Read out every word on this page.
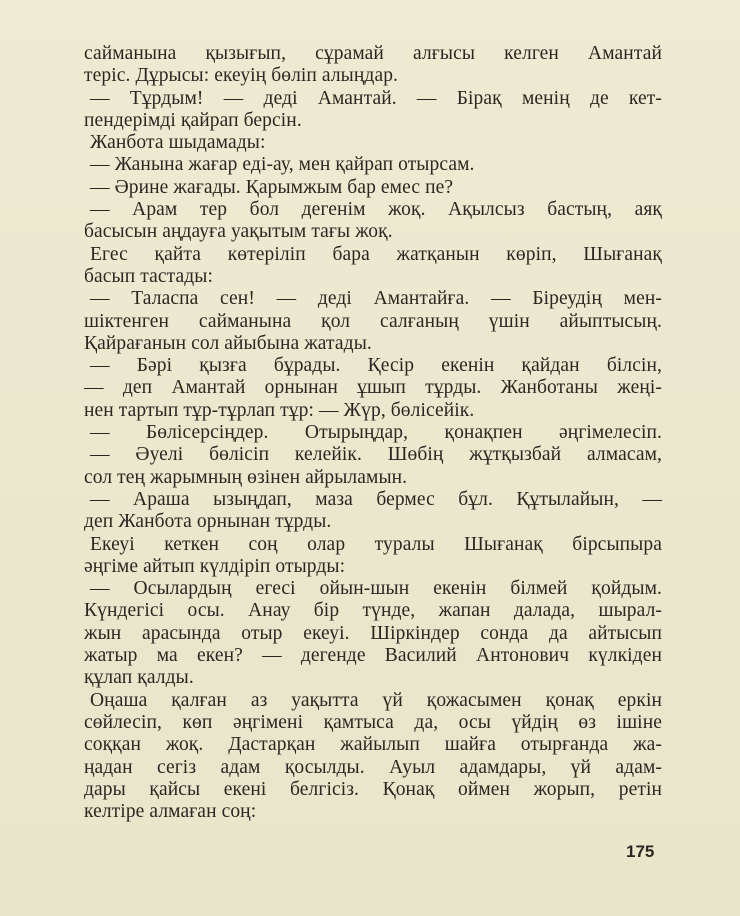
сайманына қызығып, сұрамай алғысы келген Амантай
теріс. Дұрысы: екеуің бөліп алыңдар.
— Тұрдым! — деді Амантай. — Бірақ менің де кет-
пендерімді қайрап берсін.
Жанбота шыдамады:
— Жанына жағар еді-ау, мен қайрап отырсам.
— Әрине жағады. Қарымжым бар емес пе?
— Арам тер бол дегенім жоқ. Ақылсыз бастың, аяқ
басысын аңдауға уақытым тағы жоқ.
Егес қайта көтеріліп бара жатқанын көріп, Шығанақ
басып тастады:
— Таласпа сен! — деді Амантайға. — Біреудің мен-
шіктенген сайманына қол салғаның үшін айыптысың.
Қайрағанын сол айыбына жатады.
— Бәрі қызға бұрады. Қесір екенін қайдан білсін,
— деп Амантай орнынан ұшып тұрды. Жанботаны жеңі-
нен тартып тұр-тұрлап тұр: — Жүр, бөлісейік.
— Бөлісерсіңдер. Отырыңдар, қонақпен әңгімелесіп.
— Әуелі бөлісіп келейік. Шөбің жұтқызбай алмасам,
сол тең жарымның өзінен айрыламын.
— Араша ызыңдап, маза бермес бұл. Құтылайын, —
деп Жанбота орнынан тұрды.
Екеуі кеткен соң олар туралы Шығанақ бірсыпыра
әңгіме айтып күлдіріп отырды:
— Осылардың егесі ойын-шын екенін білмей қойдым.
Күндегісі осы. Анау бір түнде, жапан далада, шырал-
жын арасында отыр екеуі. Шіркіндер сонда да айтысып
жатыр ма екен? — дегенде Василий Антонович күлкіден
құлап қалды.
Оңаша қалған аз уақытта үй қожасымен қонақ еркін
сөйлесіп, көп әңгімені қамтыса да, осы үйдің өз ішіне
соққан жоқ. Дастарқан жайылып шайға отырғанда жа-
ңадан сегіз адам қосылды. Ауыл адамдары, үй адам-
дары қайсы екені белгісіз. Қонақ оймен жорып, ретін
келтіре алмаған соң:
175
